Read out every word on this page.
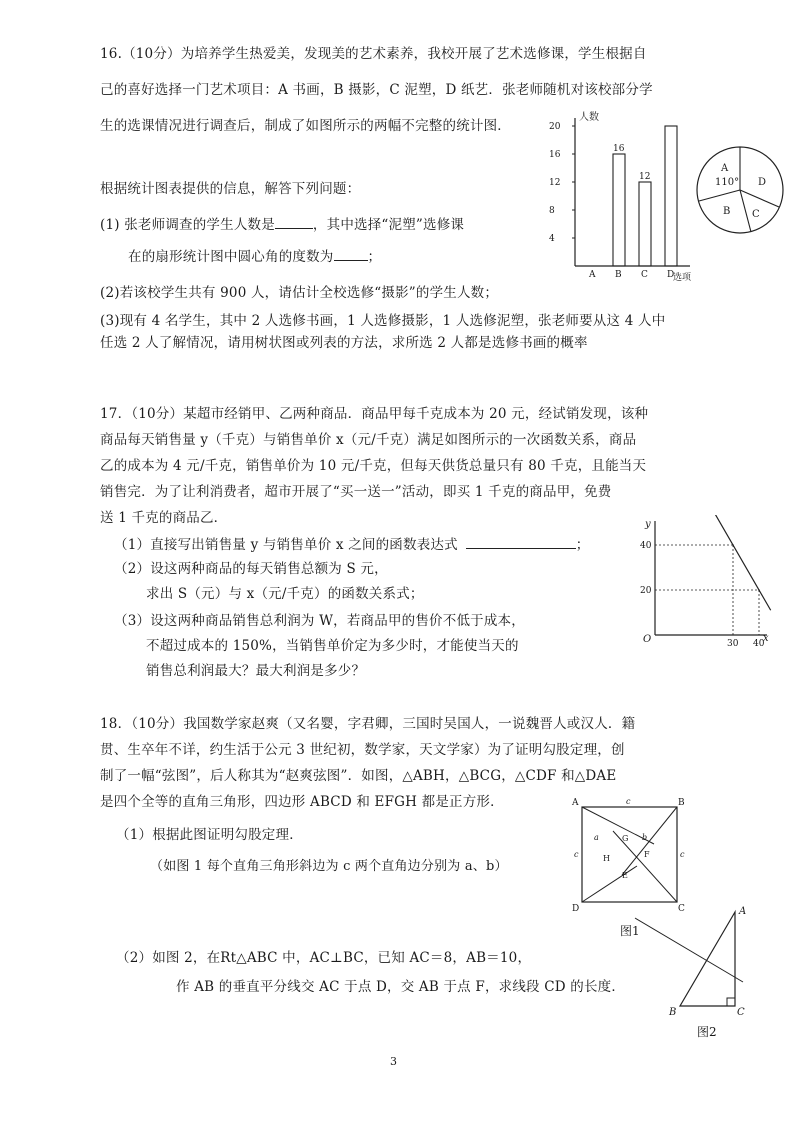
16.（10分）为培养学生热爱美，发现美的艺术素养，我校开展了艺术选修课，学生根据自
己的喜好选择一门艺术项目：A 书画，B 摄影，C 泥塑，D 纸艺．张老师随机对该校部分学
生的选课情况进行调查后，制成了如图所示的两幅不完整的统计图．
根据统计图表提供的信息，解答下列问题：
(1) 张老师调查的学生人数是	，其中选择“泥塑”选修课
在的扇形统计图中圆心角的度数为	；
(2)若该校学生共有 900 人，请估计全校选修“摄影”的学生人数；
(3)现有 4 名学生，其中 2 人选修书画，1 人选修摄影，1 人选修泥塑，张老师要从这 4 人中
任选 2 人了解情况，请用树状图或列表的方法，求所选 2 人都是选修书画的概率
人数
选项
4
8
12
16
20
16
12
A B C D
A
110°
B C
D
17．（10分）某超市经销甲、乙两种商品．商品甲每千克成本为 20 元，经试销发现，该种
商品每天销售量 y（千克）与销售单价 x（元/千克）满足如图所示的一次函数关系，商品
乙的成本为 4 元/千克，销售单价为 10 元/千克，但每天供货总量只有 80 千克，且能当天
销售完．为了让利消费者，超市开展了“买一送一”活动，即买 1 千克的商品甲，免费
送 1 千克的商品乙．
（1）直接写出销售量 y 与销售单价 x 之间的函数表达式	；
（2）设这两种商品的每天销售总额为 S 元，
求出 S（元）与 x（元/千克）的函数关系式；
（3）设这两种商品销售总利润为 W，若商品甲的售价不低于成本，
不超过成本的 150%，当销售单价定为多少时，才能使当天的
销售总利润最大？最大利润是多少？
y
x
O	30 40
20
40
18．（10分）我国数学家赵爽（又名婴，字君卿，三国时吴国人，一说魏晋人或汉人．籍
贯、生卒年不详，约生活于公元 3 世纪初，数学家，天文学家）为了证明勾股定理，创
制了一幅“弦图”，后人称其为“赵爽弦图”．如图，△ABH，△BCG，△CDF 和△DAE
是四个全等的直角三角形，四边形 ABCD 和 EFGH 都是正方形．
（1）根据此图证明勾股定理．
（如图 1 每个直角三角形斜边为 c 两个直角边分别为 a、b）
（2）如图 2，在Rt△ABC 中，AC⊥BC，已知 AC＝8，AB＝10，
作 AB 的垂直平分线交 AC 于点 D，交 AB 于点 F，求线段 CD 的长度．
A	B
C
D
G
H	F
E
a	b
c	c
c
图1
A
B	C
图2
3
